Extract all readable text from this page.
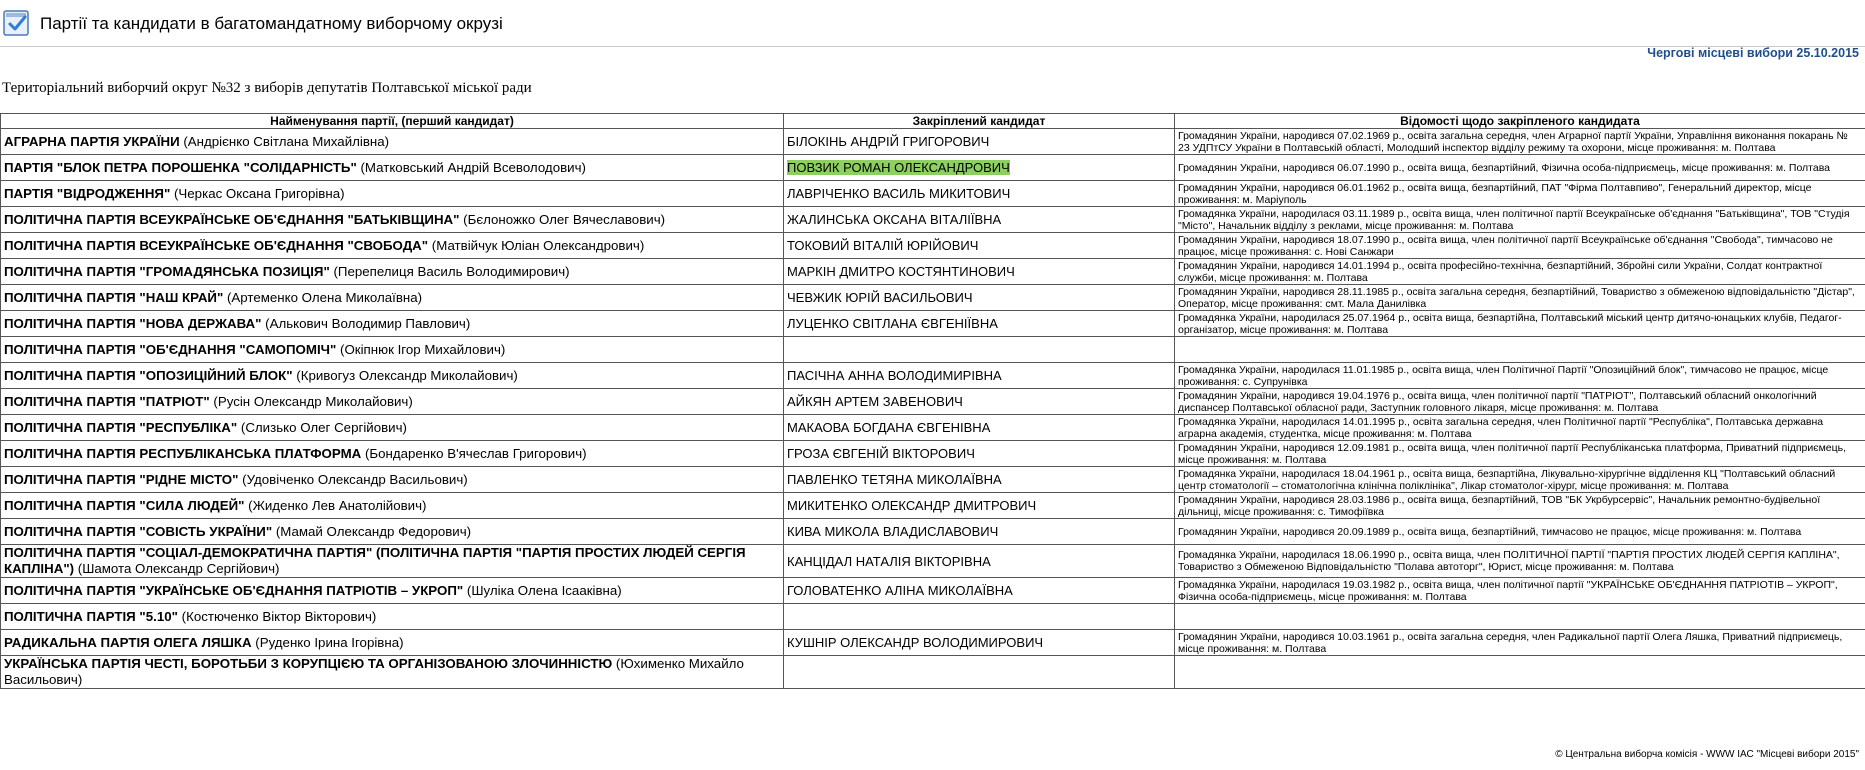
Партії та кандидати в багатомандатному виборчому окрузі
Чергові місцеві вибори 25.10.2015
Територіальний виборчий округ №32 з виборів депутатів Полтавської міської ради
Найменування партії, (перший кандидат)	Закріплений кандидат	Відомості щодо закріпленого кандидата
АГРАРНА ПАРТІЯ УКРАЇНИ (Андрієнко Світлана Михайлівна)	БІЛОКІНЬ АНДРІЙ ГРИГОРОВИЧ	Громадянин України, народився 07.02.1969 р., освіта загальна середня, член Аграрної партії України, Управління виконання покарань № 23 УДПтСУ України в Полтавській області, Молодший інспектор відділу режиму та охорони, місце проживання: м. Полтава
ПАРТІЯ "БЛОК ПЕТРА ПОРОШЕНКА "СОЛІДАРНІСТЬ" (Матковський Андрій Всеволодович)	ПОВЗИК РОМАН ОЛЕКСАНДРОВИЧ	Громадянин України, народився 06.07.1990 р., освіта вища, безпартійний, Фізична особа-підприємець, місце проживання: м. Полтава
ПАРТІЯ "ВІДРОДЖЕННЯ" (Черкас Оксана Григорівна)	ЛАВРІЧЕНКО ВАСИЛЬ МИКИТОВИЧ	Громадянин України, народився 06.01.1962 р., освіта вища, безпартійний, ПАТ "Фірма Полтавпиво", Генеральний директор, місце проживання: м. Маріуполь
ПОЛІТИЧНА ПАРТІЯ ВСЕУКРАЇНСЬКЕ ОБ'ЄДНАННЯ "БАТЬКІВЩИНА" (Бєлоножко Олег Вячеславович)	ЖАЛИНСЬКА ОКСАНА ВІТАЛІЇВНА	Громадянка України, народилася 03.11.1989 р., освіта вища, член політичної партії Всеукраїнське об'єднання "Батьківщина", ТОВ "Студія "Місто", Начальник відділу з реклами, місце проживання: м. Полтава
ПОЛІТИЧНА ПАРТІЯ ВСЕУКРАЇНСЬКЕ ОБ'ЄДНАННЯ "СВОБОДА" (Матвійчук Юліан Олександрович)	ТОКОВИЙ ВІТАЛІЙ ЮРІЙОВИЧ	Громадянин України, народився 18.07.1990 р., освіта вища, член політичної партії Всеукраїнське об'єднання "Свобода", тимчасово не працює, місце проживання: с. Нові Санжари
ПОЛІТИЧНА ПАРТІЯ "ГРОМАДЯНСЬКА ПОЗИЦІЯ" (Перепелиця Василь Володимирович)	МАРКІН ДМИТРО КОСТЯНТИНОВИЧ	Громадянин України, народився 14.01.1994 р., освіта професійно-технічна, безпартійний, Збройні сили України, Солдат контрактної служби, місце проживання: м. Полтава
ПОЛІТИЧНА ПАРТІЯ "НАШ КРАЙ" (Артеменко Олена Миколаївна)	ЧЕВЖИК ЮРІЙ ВАСИЛЬОВИЧ	Громадянин України, народився 28.11.1985 р., освіта загальна середня, безпартійний, Товариство з обмеженою відповідальністю "Дістар", Оператор, місце проживання: смт. Мала Данилівка
ПОЛІТИЧНА ПАРТІЯ "НОВА ДЕРЖАВА" (Алькович Володимир Павлович)	ЛУЦЕНКО СВІТЛАНА ЄВГЕНІЇВНА	Громадянка України, народилася 25.07.1964 р., освіта вища, безпартійна, Полтавський міський центр дитячо-юнацьких клубів, Педагог-організатор, місце проживання: м. Полтава
ПОЛІТИЧНА ПАРТІЯ "ОБ'ЄДНАННЯ "САМОПОМІЧ" (Окіпнюк Ігор Михайлович)		
ПОЛІТИЧНА ПАРТІЯ "ОПОЗИЦІЙНИЙ БЛОК" (Кривогуз Олександр Миколайович)	ПАСІЧНА АННА ВОЛОДИМИРІВНА	Громадянка України, народилася 11.01.1985 р., освіта вища, член Політичної Партії "Опозиційний блок", тимчасово не працює, місце проживання: с. Супрунівка
ПОЛІТИЧНА ПАРТІЯ "ПАТРІОТ" (Русін Олександр Миколайович)	АЙКЯН АРТЕМ ЗАВЕНОВИЧ	Громадянин України, народився 19.04.1976 р., освіта вища, член політичної партії "ПАТРІОТ", Полтавський обласний онкологічний диспансер Полтавської обласної ради, Заступник головного лікаря, місце проживання: м. Полтава
ПОЛІТИЧНА ПАРТІЯ "РЕСПУБЛІКА" (Слизько Олег Сергійович)	МАКАОВА БОГДАНА ЄВГЕНІВНА	Громадянка України, народилася 14.01.1995 р., освіта загальна середня, член Політичної партії "Республіка", Полтавська державна аграрна академія, студентка, місце проживання: м. Полтава
ПОЛІТИЧНА ПАРТІЯ РЕСПУБЛІКАНСЬКА ПЛАТФОРМА (Бондаренко В'ячеслав Григорович)	ГРОЗА ЄВГЕНІЙ ВІКТОРОВИЧ	Громадянин України, народився 12.09.1981 р., освіта вища, член політичної партії Республіканська платформа, Приватний підприємець, місце проживання: м. Полтава
ПОЛІТИЧНА ПАРТІЯ "РІДНЕ МІСТО" (Удовіченко Олександр Васильович)	ПАВЛЕНКО ТЕТЯНА МИКОЛАЇВНА	Громадянка України, народилася 18.04.1961 р., освіта вища, безпартійна, Лікувально-хірургічне відділення КЦ "Полтавський обласний центр стоматології – стоматологічна клінічна поліклініка", Лікар стоматолог-хірург, місце проживання: м. Полтава
ПОЛІТИЧНА ПАРТІЯ "СИЛА ЛЮДЕЙ" (Жиденко Лев Анатолійович)	МИКИТЕНКО ОЛЕКСАНДР ДМИТРОВИЧ	Громадянин України, народився 28.03.1986 р., освіта вища, безпартійний, ТОВ "БК Укрбурсервіс", Начальник ремонтно-будівельної дільниці, місце проживання: с. Тимофіївка
ПОЛІТИЧНА ПАРТІЯ "СОВІСТЬ УКРАЇНИ" (Мамай Олександр Федорович)	КИВА МИКОЛА ВЛАДИСЛАВОВИЧ	Громадянин України, народився 20.09.1989 р., освіта вища, безпартійний, тимчасово не працює, місце проживання: м. Полтава
ПОЛІТИЧНА ПАРТІЯ "СОЦІАЛ-ДЕМОКРАТИЧНА ПАРТІЯ" (ПОЛІТИЧНА ПАРТІЯ "ПАРТІЯ ПРОСТИХ ЛЮДЕЙ СЕРГІЯ КАПЛІНА") (Шамота Олександр Сергійович)	КАНЦІДАЛ НАТАЛІЯ ВІКТОРІВНА	Громадянка України, народилася 18.06.1990 р., освіта вища, член ПОЛІТИЧНОЇ ПАРТІЇ "ПАРТІЯ ПРОСТИХ ЛЮДЕЙ СЕРГІЯ КАПЛІНА", Товариство з Обмеженою Відповідальністю "Полава автоторг", Юрист, місце проживання: м. Полтава
ПОЛІТИЧНА ПАРТІЯ "УКРАЇНСЬКЕ ОБ'ЄДНАННЯ ПАТРІОТІВ – УКРОП" (Шуліка Олена Ісааківна)	ГОЛОВАТЕНКО АЛІНА МИКОЛАЇВНА	Громадянка України, народилася 19.03.1982 р., освіта вища, член політичної партії "УКРАЇНСЬКЕ ОБ'ЄДНАННЯ ПАТРІОТІВ – УКРОП", Фізична особа-підприємець, місце проживання: м. Полтава
ПОЛІТИЧНА ПАРТІЯ "5.10" (Костюченко Віктор Вікторович)		
РАДИКАЛЬНА ПАРТІЯ ОЛЕГА ЛЯШКА (Руденко Ірина Ігорівна)	КУШНІР ОЛЕКСАНДР ВОЛОДИМИРОВИЧ	Громадянин України, народився 10.03.1961 р., освіта загальна середня, член Радикальної партії Олега Ляшка, Приватний підприємець, місце проживання: м. Полтава
УКРАЇНСЬКА ПАРТІЯ ЧЕСТІ, БОРОТЬБИ З КОРУПЦІЄЮ ТА ОРГАНІЗОВАНОЮ ЗЛОЧИННІСТЮ (Юхименко Михайло Васильович)		
© Центральна виборча комісія - WWW ІАС "Місцеві вибори 2015"
